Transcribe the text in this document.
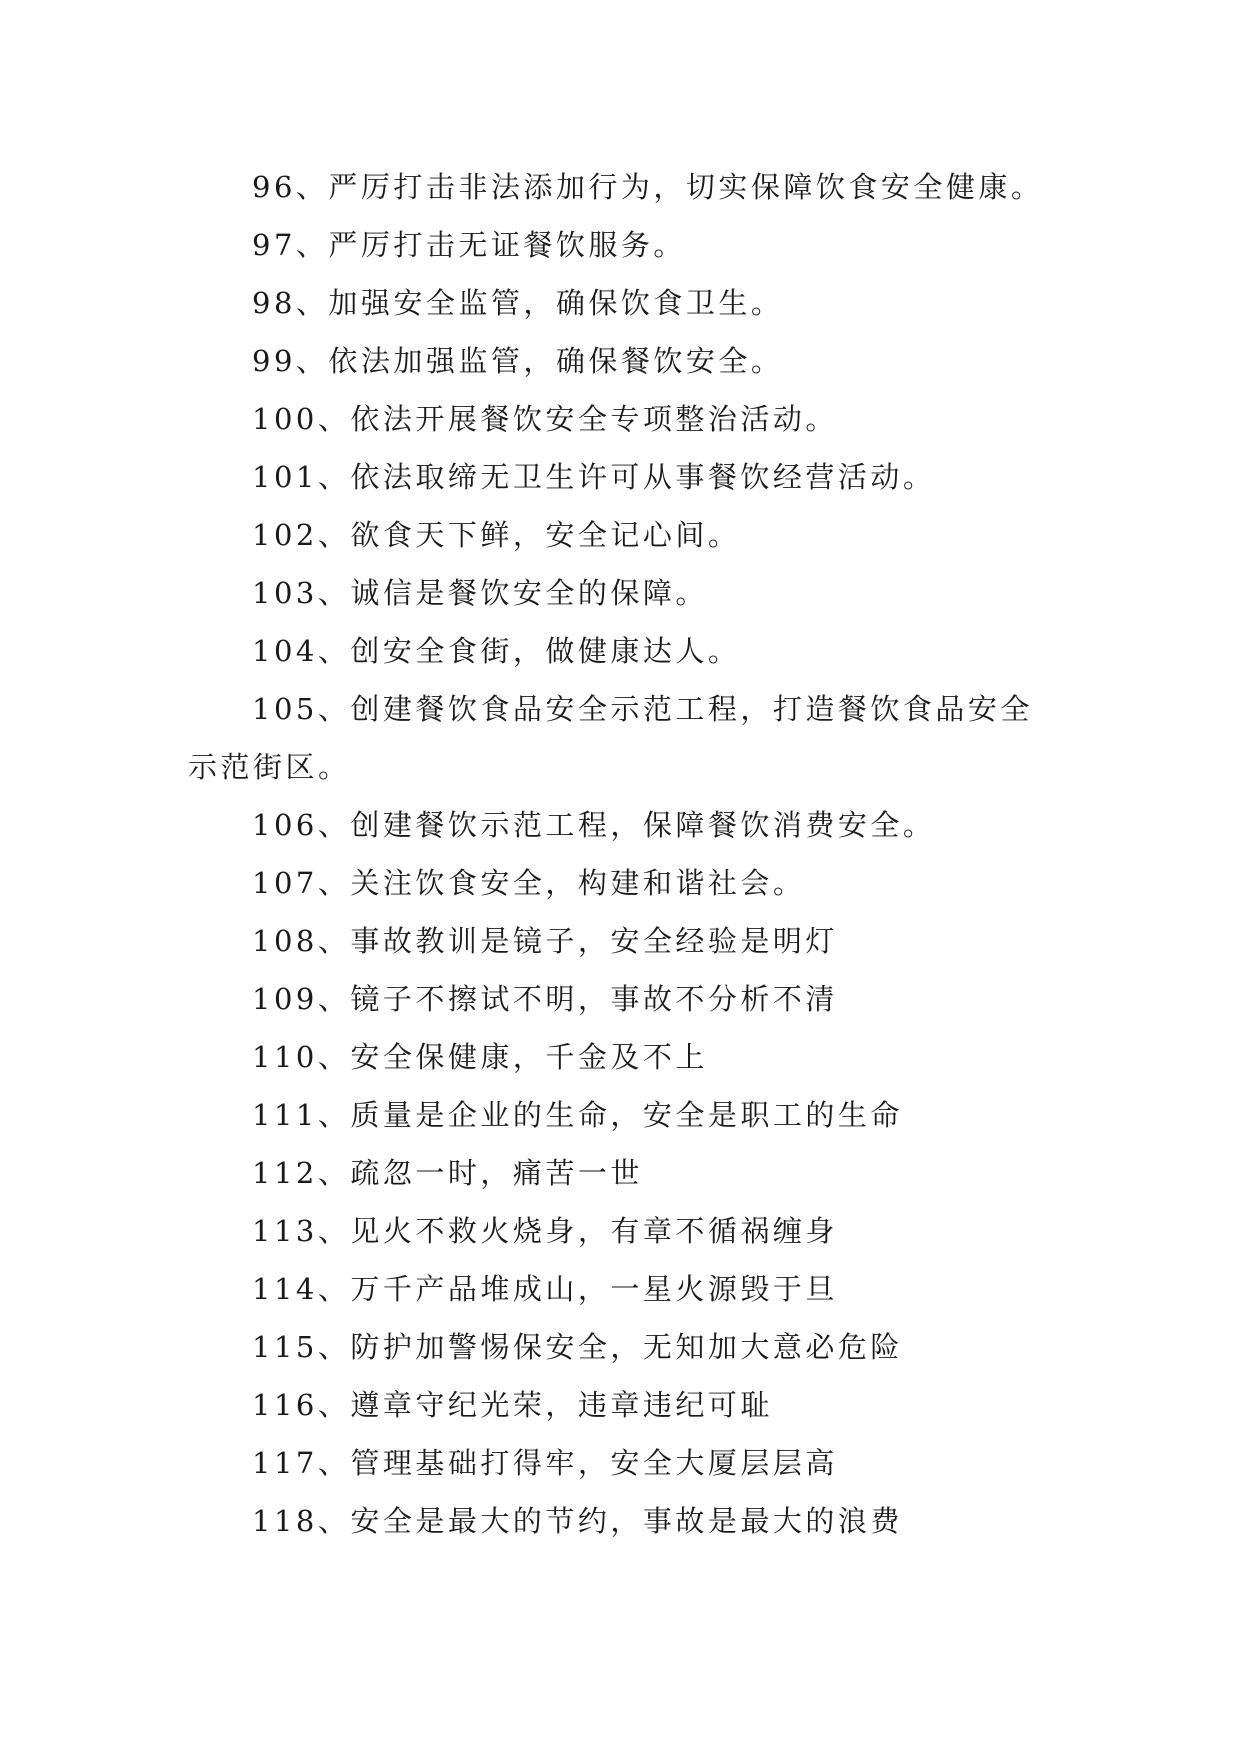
96、严厉打击非法添加行为，切实保障饮食安全健康。
97、严厉打击无证餐饮服务。
98、加强安全监管，确保饮食卫生。
99、依法加强监管，确保餐饮安全。
100、依法开展餐饮安全专项整治活动。
101、依法取缔无卫生许可从事餐饮经营活动。
102、欲食天下鲜，安全记心间。
103、诚信是餐饮安全的保障。
104、创安全食街，做健康达人。
105、创建餐饮食品安全示范工程，打造餐饮食品安全
示范街区。
106、创建餐饮示范工程，保障餐饮消费安全。
107、关注饮食安全，构建和谐社会。
108、事故教训是镜子，安全经验是明灯
109、镜子不擦试不明，事故不分析不清
110、安全保健康，千金及不上
111、质量是企业的生命，安全是职工的生命
112、疏忽一时，痛苦一世
113、见火不救火烧身，有章不循祸缠身
114、万千产品堆成山，一星火源毁于旦
115、防护加警惕保安全，无知加大意必危险
116、遵章守纪光荣，违章违纪可耻
117、管理基础打得牢，安全大厦层层高
118、安全是最大的节约，事故是最大的浪费
